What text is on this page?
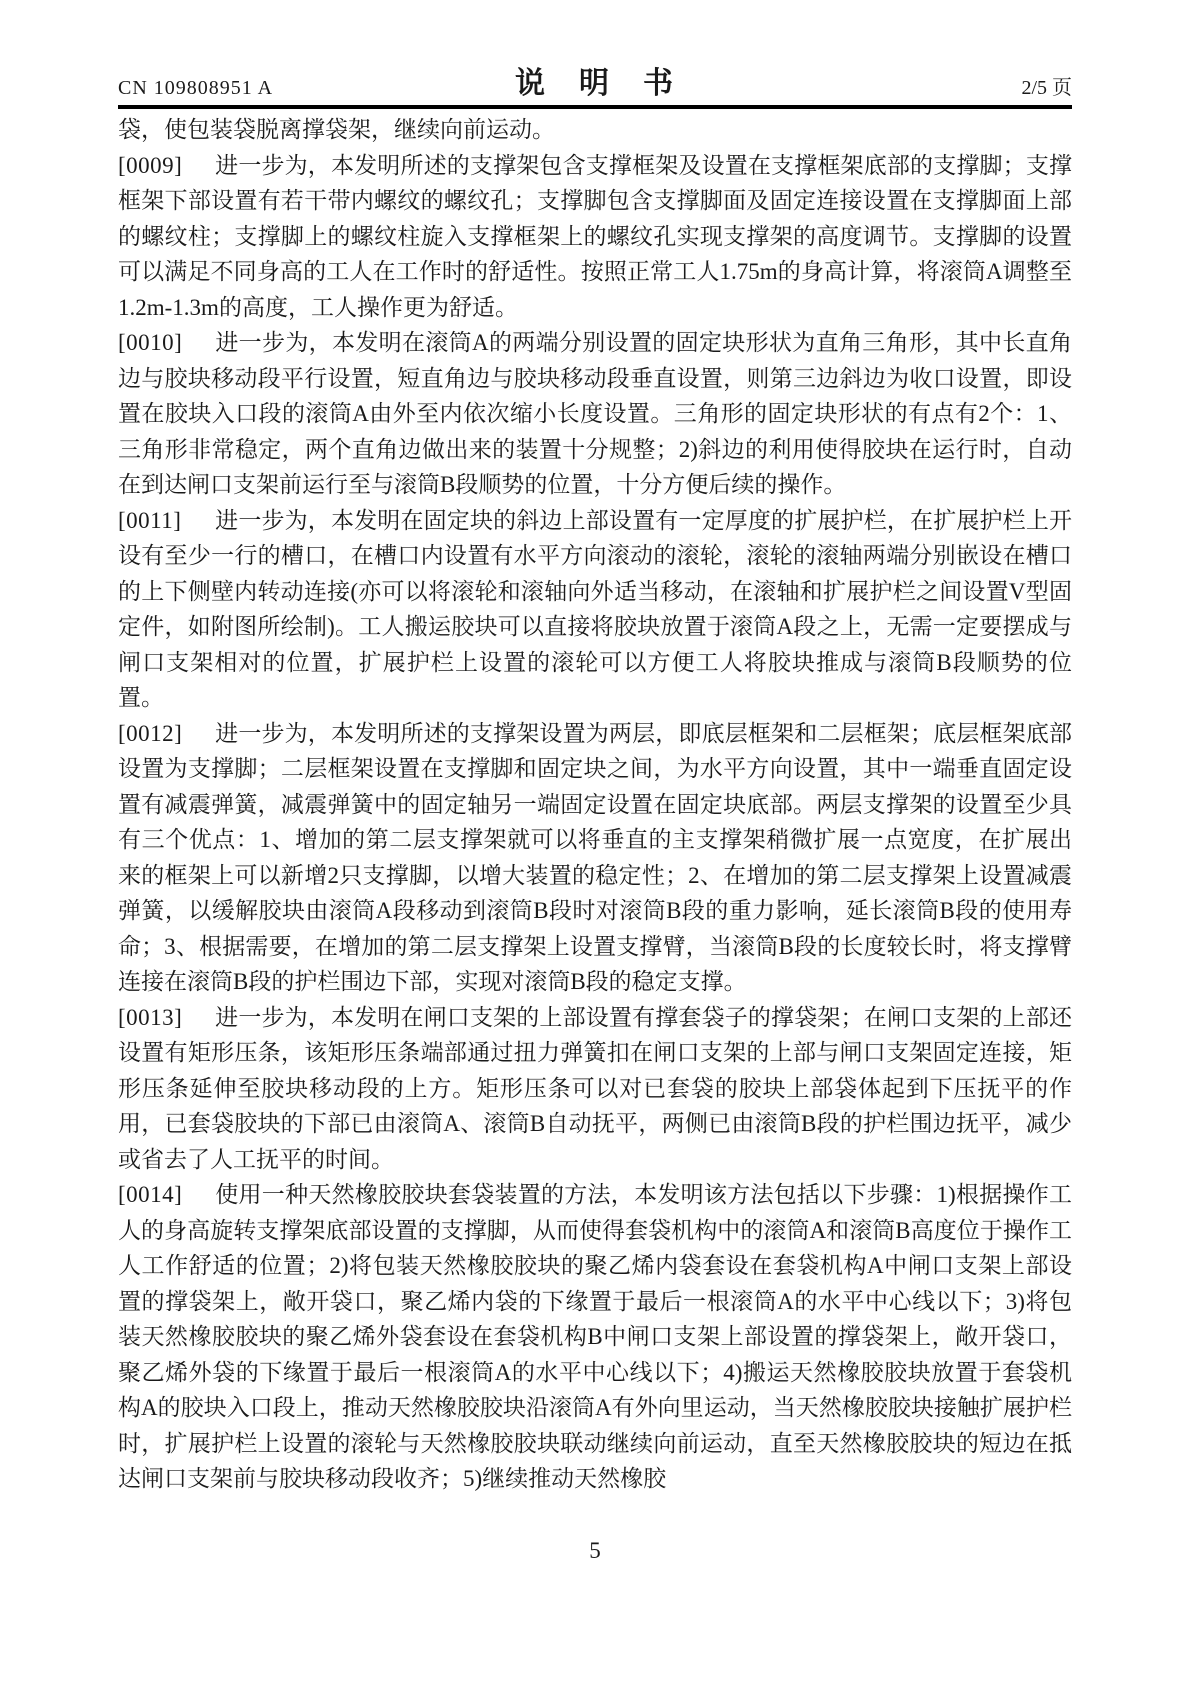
CN 109808951 A	说　明　书	2/5 页

袋，使包装袋脱离撑袋架，继续向前运动。

[0009] 进一步为，本发明所述的支撑架包含支撑框架及设置在支撑框架底部的支撑脚；支撑框架下部设置有若干带内螺纹的螺纹孔；支撑脚包含支撑脚面及固定连接设置在支撑脚面上部的螺纹柱；支撑脚上的螺纹柱旋入支撑框架上的螺纹孔实现支撑架的高度调节。支撑脚的设置可以满足不同身高的工人在工作时的舒适性。按照正常工人1.75m的身高计算，将滚筒A调整至1.2m-1.3m的高度，工人操作更为舒适。

[0010] 进一步为，本发明在滚筒A的两端分别设置的固定块形状为直角三角形，其中长直角边与胶块移动段平行设置，短直角边与胶块移动段垂直设置，则第三边斜边为收口设置，即设置在胶块入口段的滚筒A由外至内依次缩小长度设置。三角形的固定块形状的有点有2个：1、三角形非常稳定，两个直角边做出来的装置十分规整；2)斜边的利用使得胶块在运行时，自动在到达闸口支架前运行至与滚筒B段顺势的位置，十分方便后续的操作。

[0011] 进一步为，本发明在固定块的斜边上部设置有一定厚度的扩展护栏，在扩展护栏上开设有至少一行的槽口，在槽口内设置有水平方向滚动的滚轮，滚轮的滚轴两端分别嵌设在槽口的上下侧壁内转动连接(亦可以将滚轮和滚轴向外适当移动，在滚轴和扩展护栏之间设置V型固定件，如附图所绘制)。工人搬运胶块可以直接将胶块放置于滚筒A段之上，无需一定要摆成与闸口支架相对的位置，扩展护栏上设置的滚轮可以方便工人将胶块推成与滚筒B段顺势的位置。

[0012] 进一步为，本发明所述的支撑架设置为两层，即底层框架和二层框架；底层框架底部设置为支撑脚；二层框架设置在支撑脚和固定块之间，为水平方向设置，其中一端垂直固定设置有减震弹簧，减震弹簧中的固定轴另一端固定设置在固定块底部。两层支撑架的设置至少具有三个优点：1、增加的第二层支撑架就可以将垂直的主支撑架稍微扩展一点宽度，在扩展出来的框架上可以新增2只支撑脚，以增大装置的稳定性；2、在增加的第二层支撑架上设置减震弹簧，以缓解胶块由滚筒A段移动到滚筒B段时对滚筒B段的重力影响，延长滚筒B段的使用寿命；3、根据需要，在增加的第二层支撑架上设置支撑臂，当滚筒B段的长度较长时，将支撑臂连接在滚筒B段的护栏围边下部，实现对滚筒B段的稳定支撑。

[0013] 进一步为，本发明在闸口支架的上部设置有撑套袋子的撑袋架；在闸口支架的上部还设置有矩形压条，该矩形压条端部通过扭力弹簧扣在闸口支架的上部与闸口支架固定连接，矩形压条延伸至胶块移动段的上方。矩形压条可以对已套袋的胶块上部袋体起到下压抚平的作用，已套袋胶块的下部已由滚筒A、滚筒B自动抚平，两侧已由滚筒B段的护栏围边抚平，减少或省去了人工抚平的时间。

[0014] 使用一种天然橡胶胶块套袋装置的方法，本发明该方法包括以下步骤：1)根据操作工人的身高旋转支撑架底部设置的支撑脚，从而使得套袋机构中的滚筒A和滚筒B高度位于操作工人工作舒适的位置；2)将包装天然橡胶胶块的聚乙烯内袋套设在套袋机构A中闸口支架上部设置的撑袋架上，敞开袋口，聚乙烯内袋的下缘置于最后一根滚筒A的水平中心线以下；3)将包装天然橡胶胶块的聚乙烯外袋套设在套袋机构B中闸口支架上部设置的撑袋架上，敞开袋口，聚乙烯外袋的下缘置于最后一根滚筒A的水平中心线以下；4)搬运天然橡胶胶块放置于套袋机构A的胶块入口段上，推动天然橡胶胶块沿滚筒A有外向里运动，当天然橡胶胶块接触扩展护栏时，扩展护栏上设置的滚轮与天然橡胶胶块联动继续向前运动，直至天然橡胶胶块的短边在抵达闸口支架前与胶块移动段收齐；5)继续推动天然橡胶

5
